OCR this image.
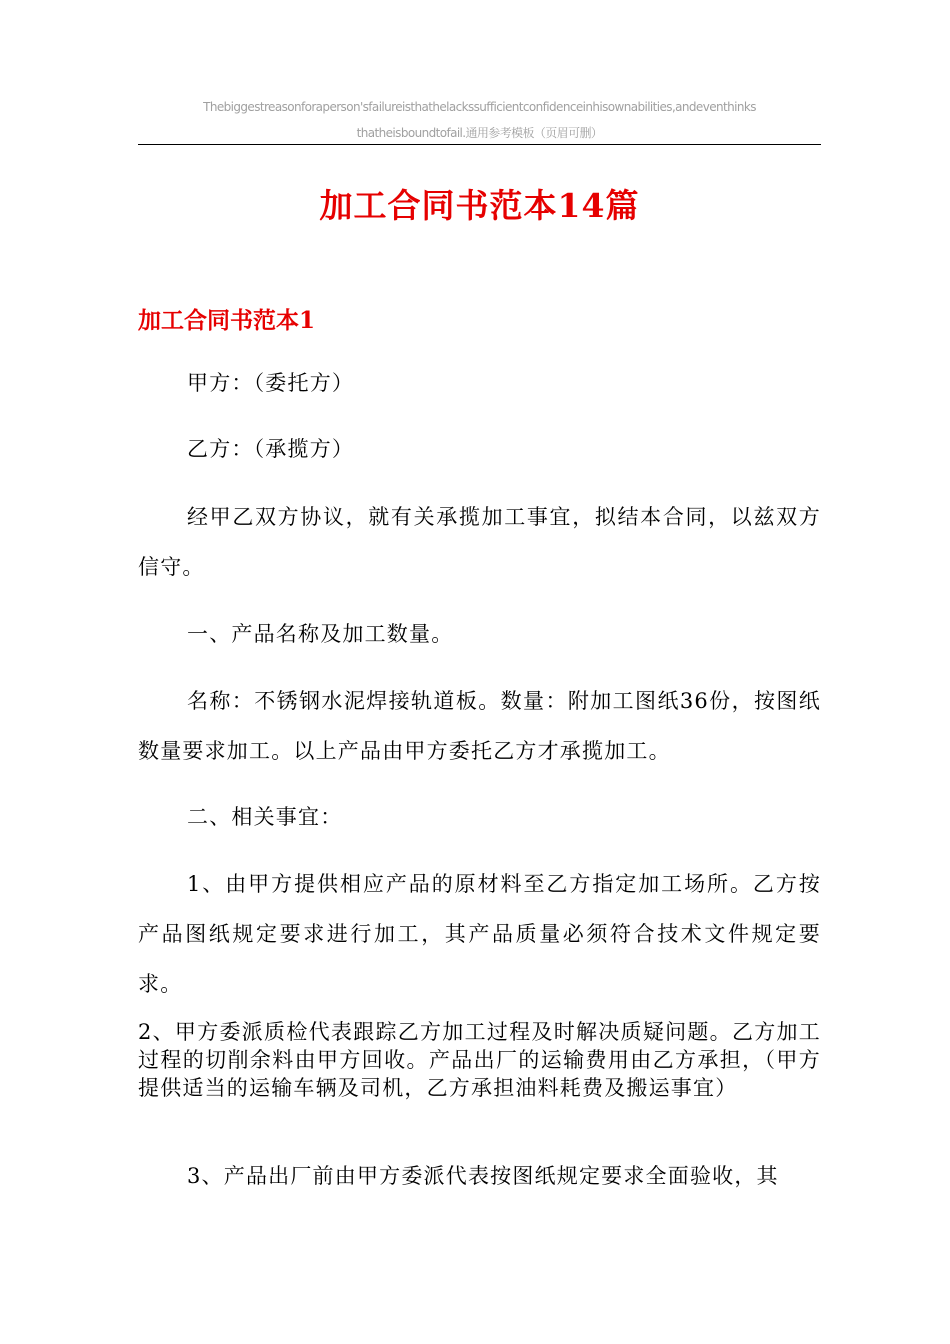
Thebiggestreasonforaperson'sfailureisthathelackssufficientconfidenceinhisownabilities,andeventhinks
thatheisboundtofail.通用参考模板（页眉可删）
加工合同书范本14篇
加工合同书范本1

甲方：（委托方）

乙方：（承揽方）

经甲乙双方协议，就有关承揽加工事宜，拟结本合同，以兹双方信守。

一、产品名称及加工数量。

名称：不锈钢水泥焊接轨道板。数量：附加工图纸36份，按图纸数量要求加工。以上产品由甲方委托乙方才承揽加工。

二、相关事宜：

1、由甲方提供相应产品的原材料至乙方指定加工场所。乙方按产品图纸规定要求进行加工，其产品质量必须符合技术文件规定要求。

2、甲方委派质检代表跟踪乙方加工过程及时解决质疑问题。乙方加工过程的切削余料由甲方回收。产品出厂的运输费用由乙方承担，（甲方提供适当的运输车辆及司机，乙方承担油料耗费及搬运事宜）

3、产品出厂前由甲方委派代表按图纸规定要求全面验收，其
